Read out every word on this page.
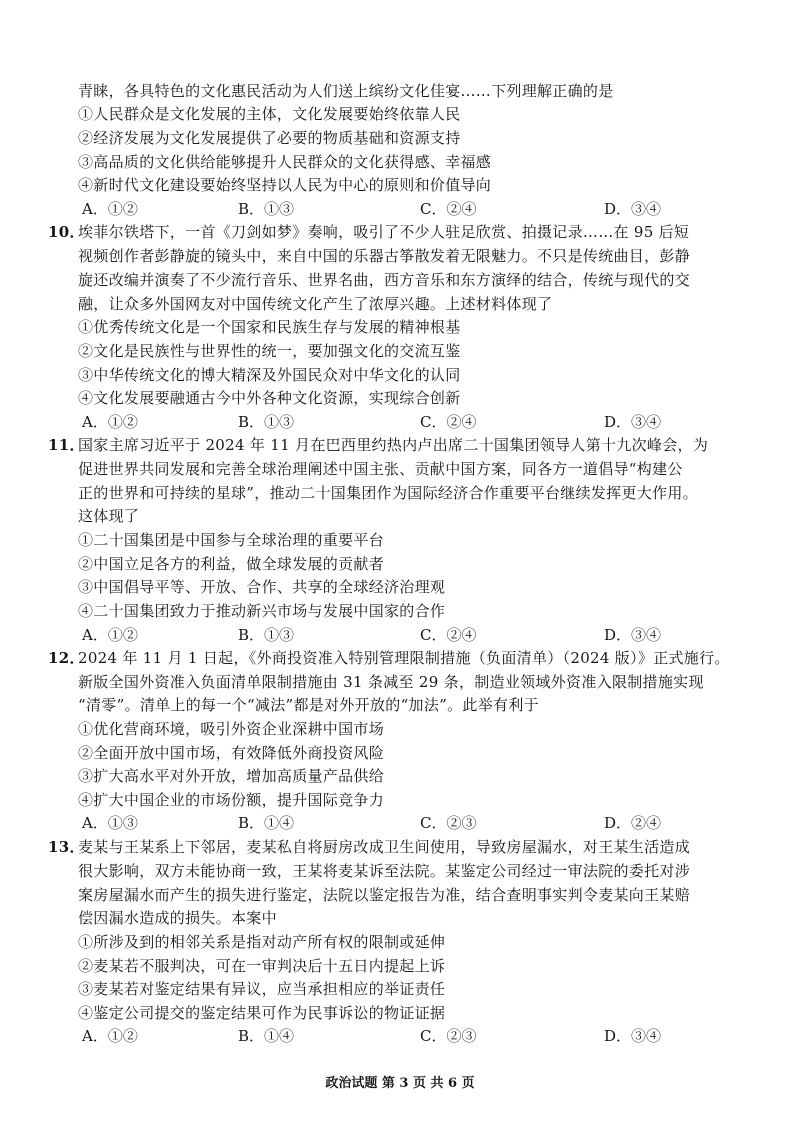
青睐，各具特色的文化惠民活动为人们送上缤纷文化佳宴……下列理解正确的是
①人民群众是文化发展的主体，文化发展要始终依靠人民
②经济发展为文化发展提供了必要的物质基础和资源支持
③高品质的文化供给能够提升人民群众的文化获得感、幸福感
④新时代文化建设要始终坚持以人民为中心的原则和价值导向
A．①②	B．①③	C．②④	D．③④
10．
埃菲尔铁塔下，一首《刀剑如梦》奏响，吸引了不少人驻足欣赏、拍摄记录……在 95 后短
视频创作者彭静旋的镜头中，来自中国的乐器古筝散发着无限魅力。不只是传统曲目，彭静
旋还改编并演奏了不少流行音乐、世界名曲，西方音乐和东方演绎的结合，传统与现代的交
融，让众多外国网友对中国传统文化产生了浓厚兴趣。上述材料体现了
①优秀传统文化是一个国家和民族生存与发展的精神根基
②文化是民族性与世界性的统一，要加强文化的交流互鉴
③中华传统文化的博大精深及外国民众对中华文化的认同
④文化发展要融通古今中外各种文化资源，实现综合创新
A．①②	B．①③	C．②④	D．③④
11．
国家主席习近平于 2024 年 11 月在巴西里约热内卢出席二十国集团领导人第十九次峰会，为
促进世界共同发展和完善全球治理阐述中国主张、贡献中国方案，同各方一道倡导“构建公
正的世界和可持续的星球”，推动二十国集团作为国际经济合作重要平台继续发挥更大作用。
这体现了
①二十国集团是中国参与全球治理的重要平台
②中国立足各方的利益，做全球发展的贡献者
③中国倡导平等、开放、合作、共享的全球经济治理观
④二十国集团致力于推动新兴市场与发展中国家的合作
A．①②	B．①③	C．②④	D．③④
12．
2024 年 11 月 1 日起，《外商投资准入特别管理限制措施（负面清单）（2024 版）》正式施行。
新版全国外资准入负面清单限制措施由 31 条减至 29 条，制造业领域外资准入限制措施实现
“清零”。清单上的每一个“减法”都是对外开放的“加法”。此举有利于
①优化营商环境，吸引外资企业深耕中国市场
②全面开放中国市场，有效降低外商投资风险
③扩大高水平对外开放，增加高质量产品供给
④扩大中国企业的市场份额，提升国际竞争力
A．①③	B．①④	C．②③	D．②④
13．
麦某与王某系上下邻居，麦某私自将厨房改成卫生间使用，导致房屋漏水，对王某生活造成
很大影响，双方未能协商一致，王某将麦某诉至法院。某鉴定公司经过一审法院的委托对涉
案房屋漏水而产生的损失进行鉴定，法院以鉴定报告为准，结合查明事实判令麦某向王某赔
偿因漏水造成的损失。本案中
①所涉及到的相邻关系是指对动产所有权的限制或延伸
②麦某若不服判决，可在一审判决后十五日内提起上诉
③麦某若对鉴定结果有异议，应当承担相应的举证责任
④鉴定公司提交的鉴定结果可作为民事诉讼的物证证据
A．①②	B．①④	C．②③	D．③④
政治试题 第 3 页 共 6 页
